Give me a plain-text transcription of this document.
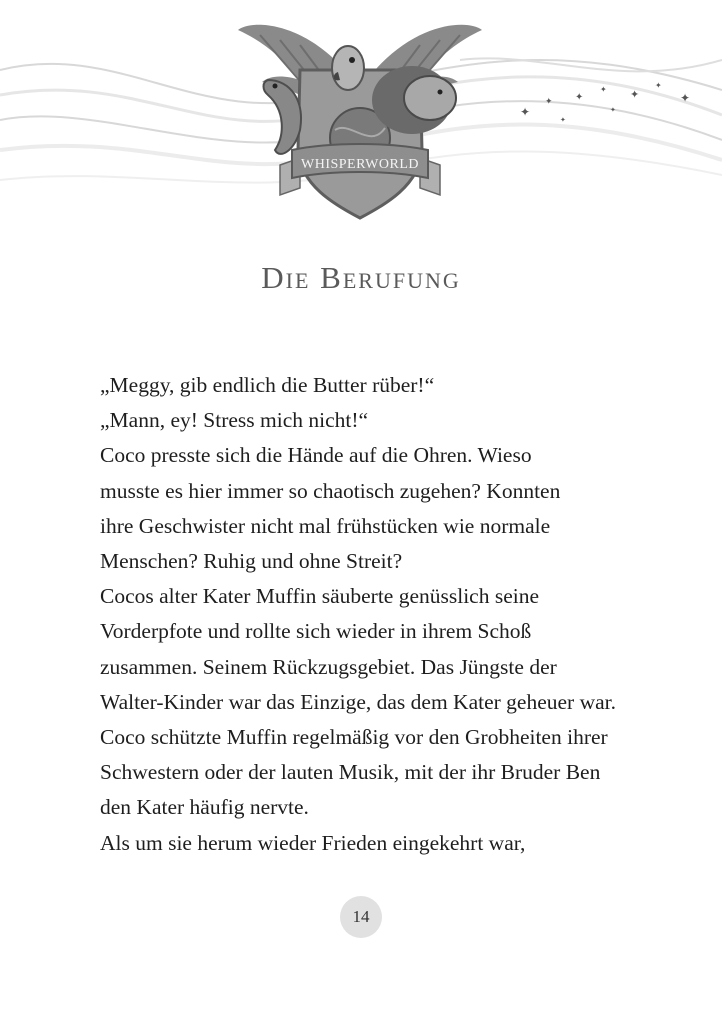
✦
✦ ✦
✦ ✦
✦
✦
✦
✦
WHISPERWORLD
Die Berufung
„Meggy, gib endlich die Butter rüber!“
„Mann, ey! Stress mich nicht!“
Coco presste sich die Hände auf die Ohren. Wieso
musste es hier immer so chaotisch zugehen? Konnten
ihre Geschwister nicht mal frühstücken wie normale
Menschen? Ruhig und ohne Streit?
Cocos alter Kater Muffin säuberte genüsslich seine
Vorderpfote und rollte sich wieder in ihrem Schoß
zusammen. Seinem Rückzugsgebiet. Das Jüngste der
Walter-Kinder war das Einzige, das dem Kater geheuer war.
Coco schützte Muffin regelmäßig vor den Grobheiten ihrer
Schwestern oder der lauten Musik, mit der ihr Bruder Ben
den Kater häufig nervte.
Als um sie herum wieder Frieden eingekehrt war,
14
